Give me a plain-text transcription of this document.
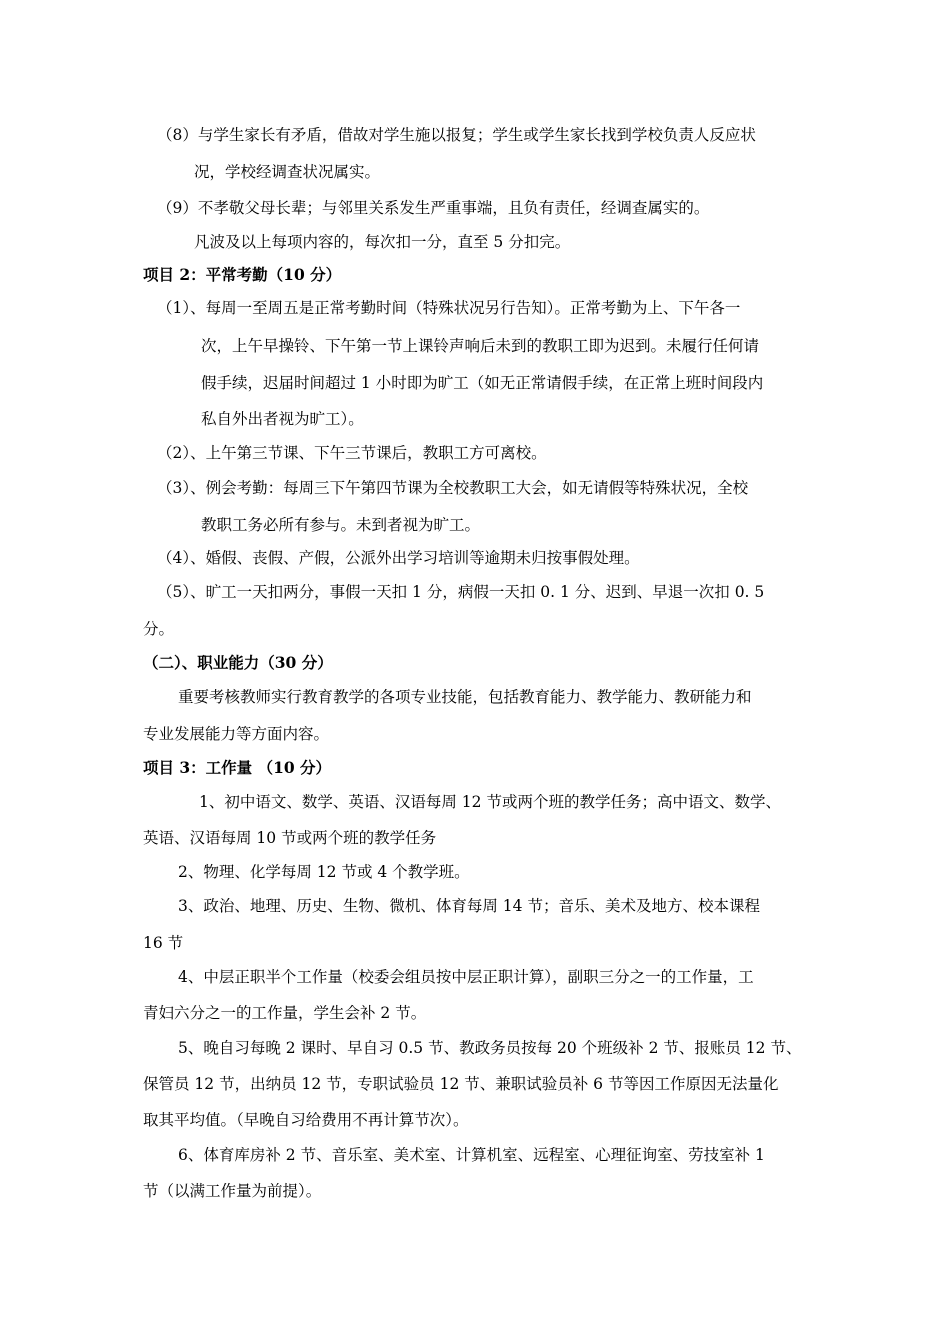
（8）与学生家长有矛盾，借故对学生施以报复；学生或学生家长找到学校负责人反应状
况，学校经调查状况属实。
（9）不孝敬父母长辈；与邻里关系发生严重事端，且负有责任，经调查属实的。
凡波及以上每项内容的，每次扣一分，直至 5 分扣完。
项目 2：平常考勤（10 分）
（1）、每周一至周五是正常考勤时间（特殊状况另行告知）。正常考勤为上、下午各一
次，上午早操铃、下午第一节上课铃声响后未到的教职工即为迟到。未履行任何请
假手续，迟届时间超过 1 小时即为旷工（如无正常请假手续，在正常上班时间段内
私自外出者视为旷工）。
（2）、上午第三节课、下午三节课后，教职工方可离校。
（3）、例会考勤：每周三下午第四节课为全校教职工大会，如无请假等特殊状况，全校
教职工务必所有参与。未到者视为旷工。
（4）、婚假、丧假、产假，公派外出学习培训等逾期未归按事假处理。
（5）、旷工一天扣两分，事假一天扣 1 分，病假一天扣 0. 1 分、迟到、早退一次扣 0. 5
分。
（二）、职业能力（30 分）
重要考核教师实行教育教学的各项专业技能，包括教育能力、教学能力、教研能力和
专业发展能力等方面内容。
项目 3：工作量 （10 分）
1、初中语文、数学、英语、汉语每周 12 节或两个班的教学任务；高中语文、数学、
英语、汉语每周 10 节或两个班的教学任务
2、物理、化学每周 12 节或 4 个教学班。
3、政治、地理、历史、生物、微机、体育每周 14 节；音乐、美术及地方、校本课程
16 节
4、中层正职半个工作量（校委会组员按中层正职计算），副职三分之一的工作量，工
青妇六分之一的工作量，学生会补 2 节。
5、晚自习每晚 2 课时、早自习 0.5 节、教政务员按每 20 个班级补 2 节、报账员 12 节、
保管员 12 节，出纳员 12 节，专职试验员 12 节、兼职试验员补 6 节等因工作原因无法量化
取其平均值。（早晚自习给费用不再计算节次）。
6、体育库房补 2 节、音乐室、美术室、计算机室、远程室、心理征询室、劳技室补 1
节（以满工作量为前提）。
